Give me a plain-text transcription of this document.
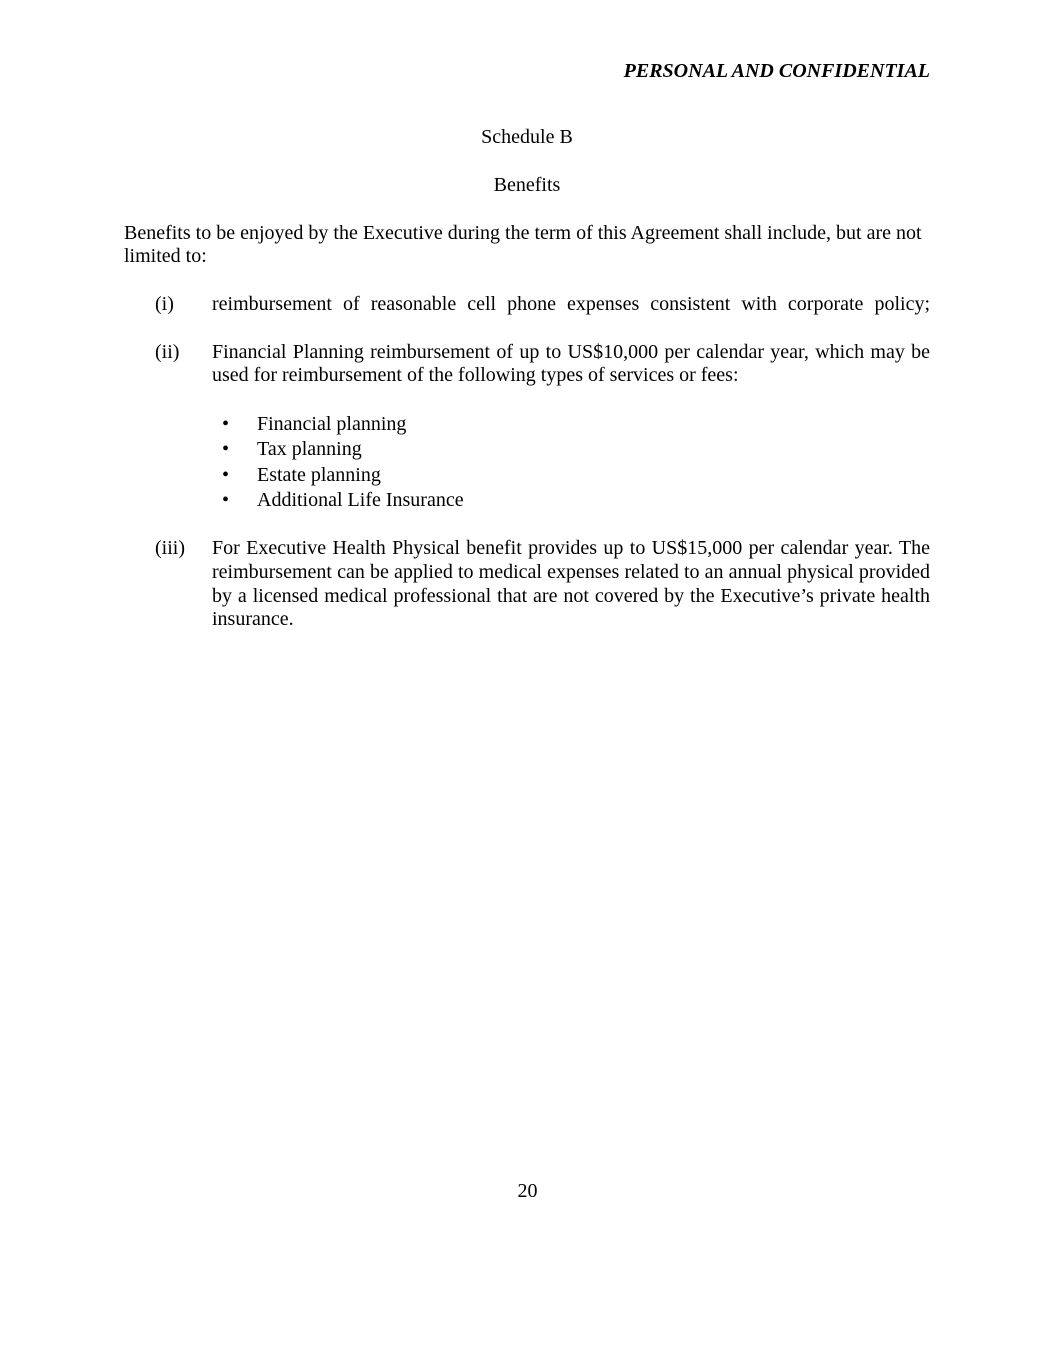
PERSONAL AND CONFIDENTIAL
Schedule B
Benefits

Benefits to be enjoyed by the Executive during the term of this Agreement shall include, but are not limited to:

(i)	reimbursement of reasonable cell phone expenses consistent with corporate policy;
(ii)	Financial Planning reimbursement of up to US$10,000 per calendar year, which may be used for reimbursement of the following types of services or fees:
•	Financial planning
•	Tax planning
•	Estate planning
•	Additional Life Insurance
(iii)	For Executive Health Physical benefit provides up to US$15,000 per calendar year. The reimbursement can be applied to medical expenses related to an annual physical provided by a licensed medical professional that are not covered by the Executive’s private health insurance.
20
